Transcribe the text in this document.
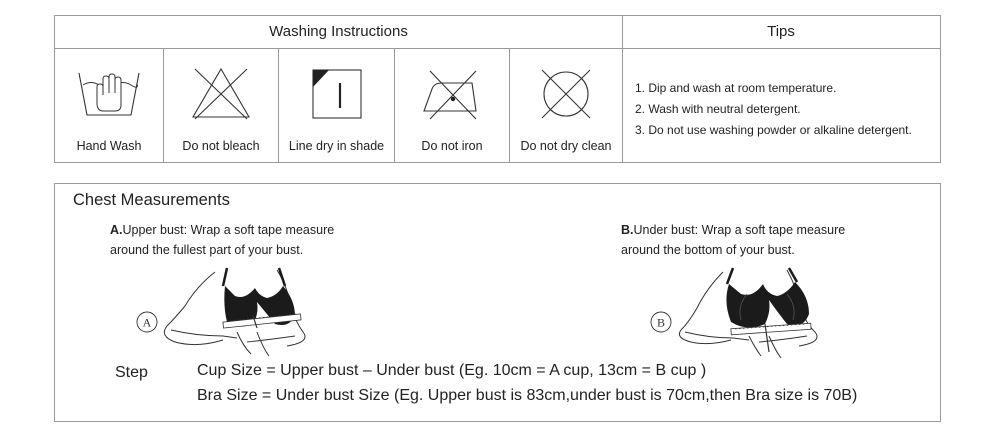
Washing Instructions	Tips
Hand Wash	Do not bleach	Line dry in shade	Do not iron	Do not dry clean
1. Dip and wash at room temperature.
2. Wash with neutral detergent.
3. Do not use washing powder or alkaline detergent.
Chest Measurements
A.Upper bust: Wrap a soft tape measure
around the fullest part of your bust.
B.Under bust: Wrap a soft tape measure
around the bottom of your bust.
A	B
Step	Cup Size = Upper bust – Under bust (Eg. 10cm = A cup, 13cm = B cup )
Bra Size = Under bust Size (Eg. Upper bust is 83cm,under bust is 70cm,then Bra size is 70B)
